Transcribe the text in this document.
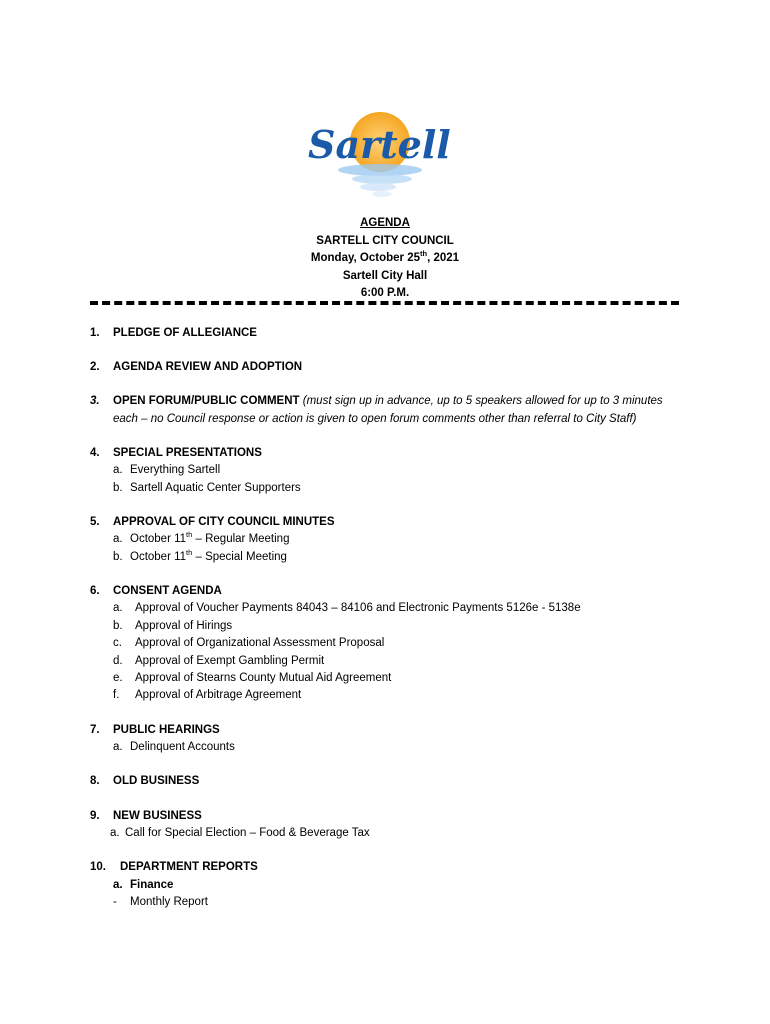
Sartell
AGENDA
SARTELL CITY COUNCIL
Monday, October 25th, 2021
Sartell City Hall
6:00 P.M.
1. PLEDGE OF ALLEGIANCE
2. AGENDA REVIEW AND ADOPTION
3. OPEN FORUM/PUBLIC COMMENT (must sign up in advance, up to 5 speakers allowed for up to 3 minutes
each – no Council response or action is given to open forum comments other than referral to City Staff)
4. SPECIAL PRESENTATIONS
a. Everything Sartell
b. Sartell Aquatic Center Supporters
5. APPROVAL OF CITY COUNCIL MINUTES
a. October 11th – Regular Meeting
b. October 11th – Special Meeting
6. CONSENT AGENDA
a. Approval of Voucher Payments 84043 – 84106 and Electronic Payments 5126e - 5138e
b. Approval of Hirings
c. Approval of Organizational Assessment Proposal
d. Approval of Exempt Gambling Permit
e. Approval of Stearns County Mutual Aid Agreement
f. Approval of Arbitrage Agreement
7. PUBLIC HEARINGS
a. Delinquent Accounts
8. OLD BUSINESS
9. NEW BUSINESS
a. Call for Special Election – Food & Beverage Tax
10. DEPARTMENT REPORTS
a. Finance
- Monthly Report
